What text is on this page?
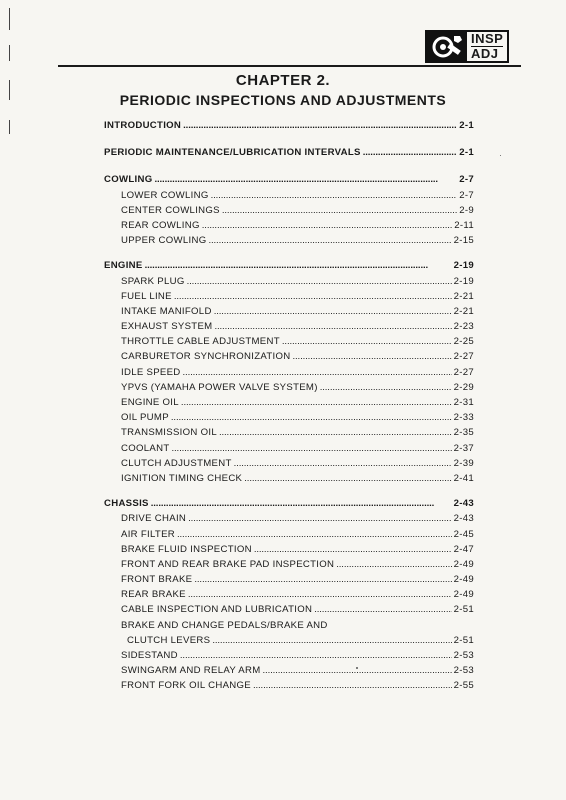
INSP
ADJ
CHAPTER 2.
PERIODIC INSPECTIONS AND ADJUSTMENTS
INTRODUCTION . . .	2-1
PERIODIC MAINTENANCE/LUBRICATION INTERVALS . . .	2-1
COWLING . . .	2-7
LOWER COWLING . . .	2-7
CENTER COWLINGS . . .	2-9
REAR COWLING . . .	2-11
UPPER COWLING . . .	2-15
ENGINE . . .	2-19
SPARK PLUG . . .	2-19
FUEL LINE . . .	2-21
INTAKE MANIFOLD . . .	2-21
EXHAUST SYSTEM . . .	2-23
THROTTLE CABLE ADJUSTMENT . . .	2-25
CARBURETOR SYNCHRONIZATION . . .	2-27
IDLE SPEED . . .	2-27
YPVS (YAMAHA POWER VALVE SYSTEM) . . .	2-29
ENGINE OIL . . .	2-31
OIL PUMP . . .	2-33
TRANSMISSION OIL . . .	2-35
COOLANT . . .	2-37
CLUTCH ADJUSTMENT . . .	2-39
IGNITION TIMING CHECK . . .	2-41
CHASSIS . . .	2-43
DRIVE CHAIN . . .	2-43
AIR FILTER . . .	2-45
BRAKE FLUID INSPECTION . . .	2-47
FRONT AND REAR BRAKE PAD INSPECTION . . .	2-49
FRONT BRAKE . . .	2-49
REAR BRAKE . . .	2-49
CABLE INSPECTION AND LUBRICATION . . .	2-51
BRAKE AND CHANGE PEDALS/BRAKE AND
CLUTCH LEVERS . . .	2-51
SIDESTAND . . .	2-53
SWINGARM AND RELAY ARM . . .	2-53
FRONT FORK OIL CHANGE . . .	2-55
